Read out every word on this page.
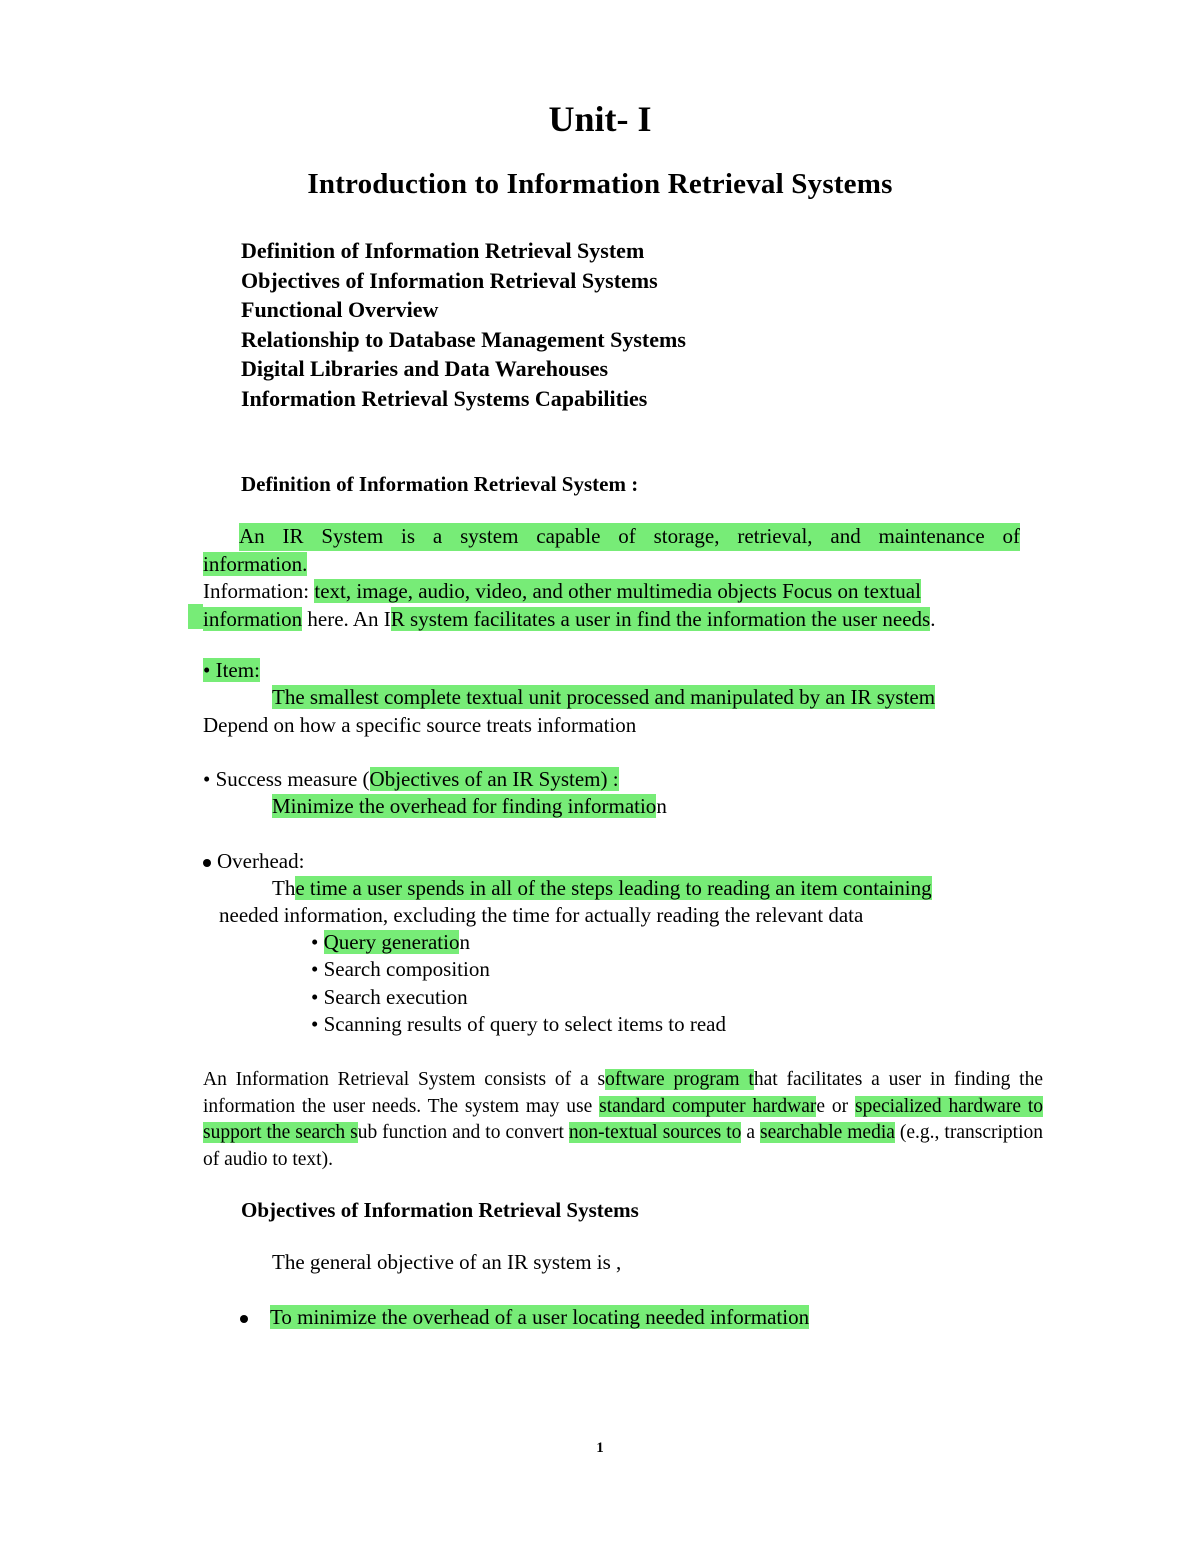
Unit- I
Introduction to Information Retrieval Systems
Definition of Information Retrieval System
Objectives of Information Retrieval Systems
Functional Overview
Relationship to Database Management Systems
Digital Libraries and Data Warehouses
Information Retrieval Systems Capabilities
Definition of Information Retrieval System :
An IR System is a system capable of storage, retrieval, and maintenance of
information.
Information: text, image, audio, video, and other multimedia objects Focus on textual
information here. An IR system facilitates a user in find the information the user needs.
• Item:
The smallest complete textual unit processed and manipulated by an IR system
Depend on how a specific source treats information
• Success measure (Objectives of an IR System) :
Minimize the overhead for finding information
Overhead:
The time a user spends in all of the steps leading to reading an item containing
needed information, excluding the time for actually reading the relevant data
• Query generation
• Search composition
• Search execution
• Scanning results of query to select items to read
An Information Retrieval System consists of a software program that facilitates a user in finding the information the user needs. The system may use standard computer hardware or specialized hardware to support the search sub function and to convert non-textual sources to a searchable media (e.g., transcription of audio to text).
Objectives of Information Retrieval Systems
The general objective of an IR system is ,
To minimize the overhead of a user locating needed information
1
